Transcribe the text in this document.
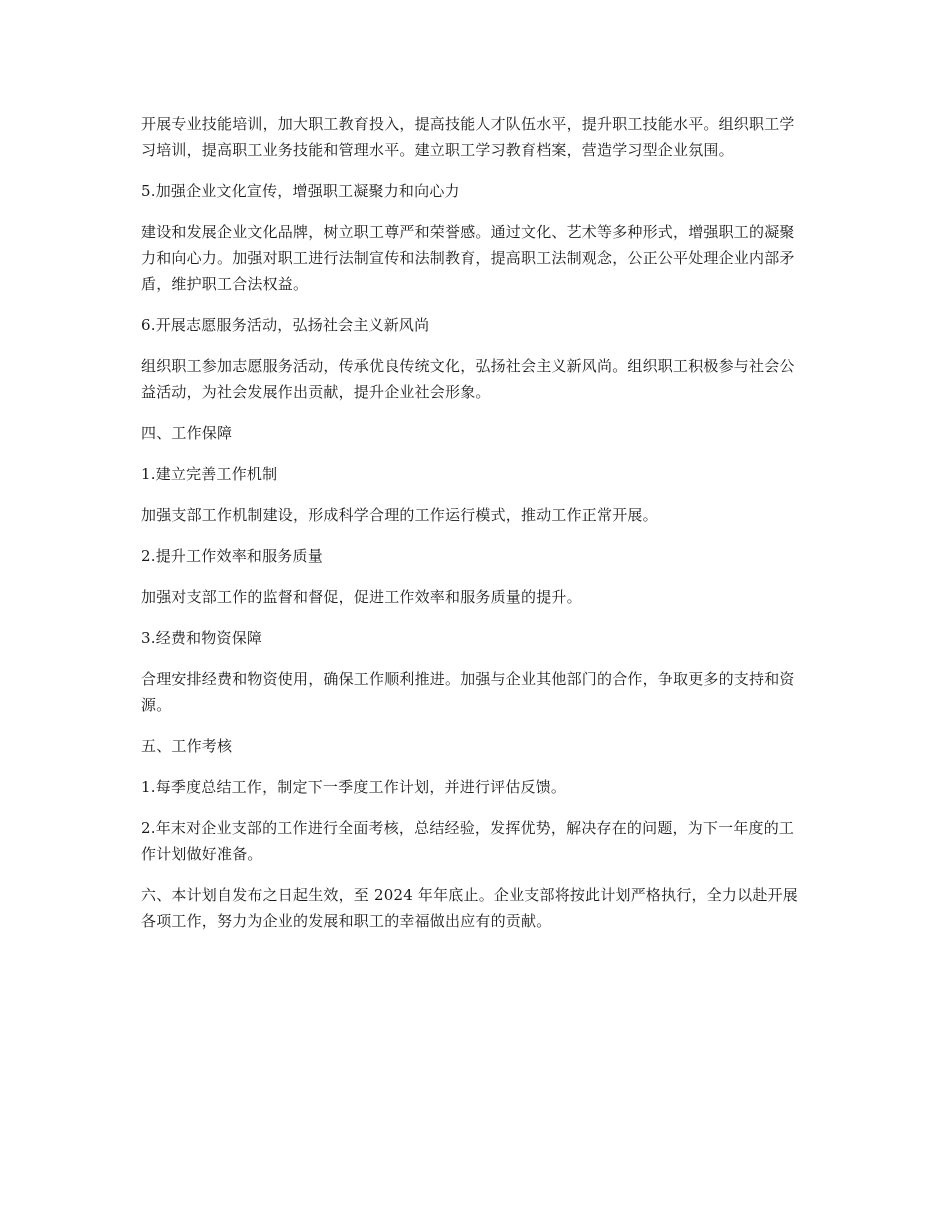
开展专业技能培训，加大职工教育投入，提高技能人才队伍水平，提升职工技能水平。组织职工学习培训，提高职工业务技能和管理水平。建立职工学习教育档案，营造学习型企业氛围。

5.加强企业文化宣传，增强职工凝聚力和向心力

建设和发展企业文化品牌，树立职工尊严和荣誉感。通过文化、艺术等多种形式，增强职工的凝聚力和向心力。加强对职工进行法制宣传和法制教育，提高职工法制观念，公正公平处理企业内部矛盾，维护职工合法权益。

6.开展志愿服务活动，弘扬社会主义新风尚

组织职工参加志愿服务活动，传承优良传统文化，弘扬社会主义新风尚。组织职工积极参与社会公益活动，为社会发展作出贡献，提升企业社会形象。

四、工作保障

1.建立完善工作机制

加强支部工作机制建设，形成科学合理的工作运行模式，推动工作正常开展。

2.提升工作效率和服务质量

加强对支部工作的监督和督促，促进工作效率和服务质量的提升。

3.经费和物资保障

合理安排经费和物资使用，确保工作顺利推进。加强与企业其他部门的合作，争取更多的支持和资源。

五、工作考核

1.每季度总结工作，制定下一季度工作计划，并进行评估反馈。

2.年末对企业支部的工作进行全面考核，总结经验，发挥优势，解决存在的问题，为下一年度的工作计划做好准备。

六、本计划自发布之日起生效，至 2024 年年底止。企业支部将按此计划严格执行，全力以赴开展各项工作，努力为企业的发展和职工的幸福做出应有的贡献。
